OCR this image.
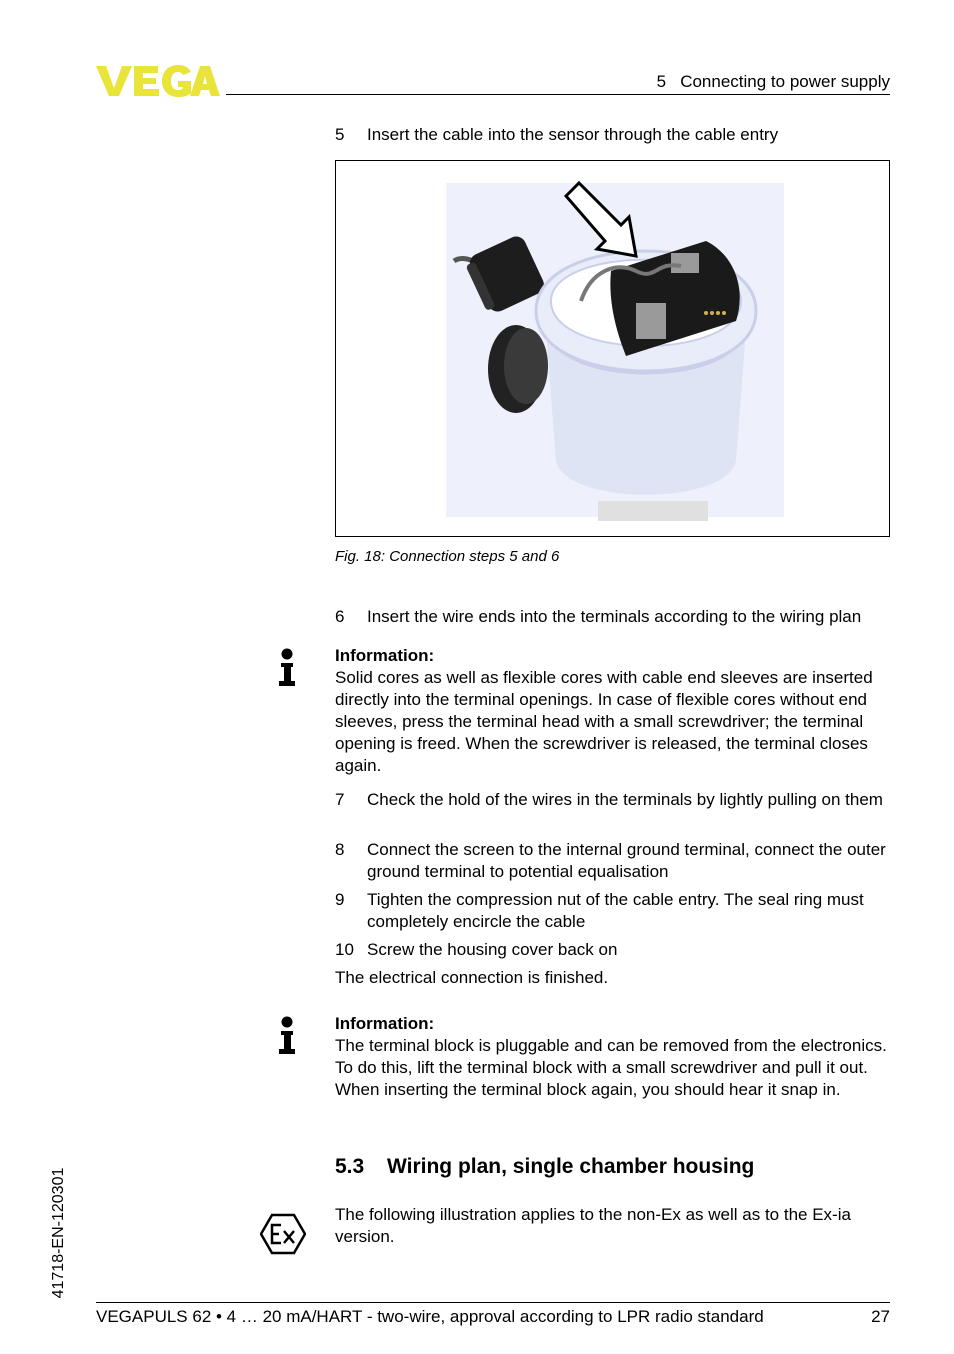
5   Connecting to power supply
5 Insert the cable into the sensor through the cable entry
Fig. 18: Connection steps 5 and 6
6 Insert the wire ends into the terminals according to the wiring plan
Information:
Solid cores as well as flexible cores with cable end sleeves are inserted directly into the terminal openings. In case of flexible cores without end sleeves, press the terminal head with a small screwdriver; the terminal opening is freed. When the screwdriver is released, the terminal closes again.
7 Check the hold of the wires in the terminals by lightly pulling on them
8 Connect the screen to the internal ground terminal, connect the outer ground terminal to potential equalisation
9 Tighten the compression nut of the cable entry. The seal ring must completely encircle the cable
10 Screw the housing cover back on
The electrical connection is finished.
Information:
The terminal block is pluggable and can be removed from the electronics. To do this, lift the terminal block with a small screwdriver and pull it out. When inserting the terminal block again, you should hear it snap in.
5.3 Wiring plan, single chamber housing
The following illustration applies to the non-Ex as well as to the Ex-ia version.
41718-EN-120301
VEGAPULS 62 • 4 … 20 mA/HART - two-wire, approval according to LPR radio standard	27
